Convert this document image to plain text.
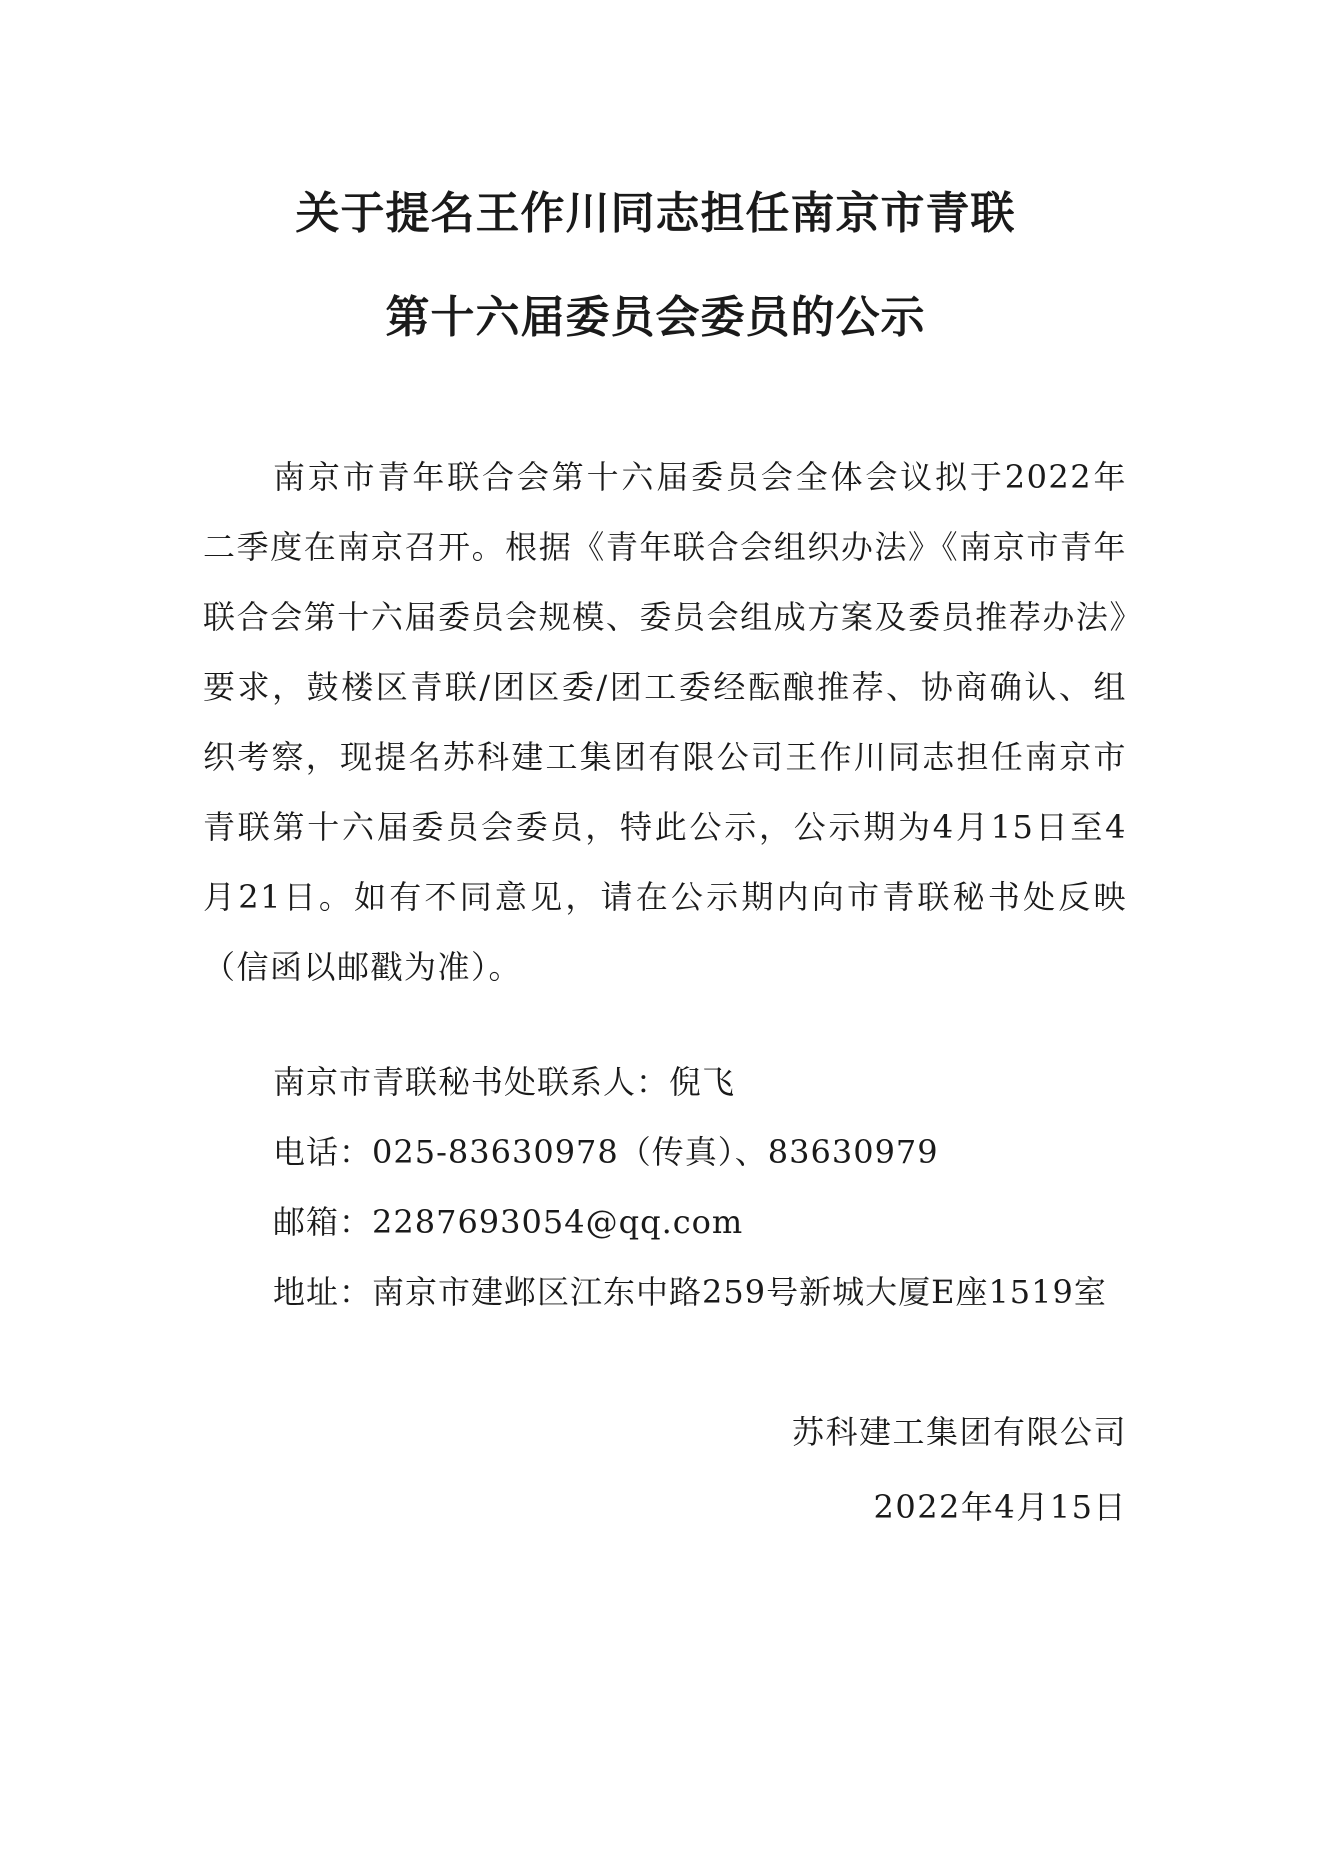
关于提名王作川同志担任南京市青联
第十六届委员会委员的公示

南京市青年联合会第十六届委员会全体会议拟于2022年二季度在南京召开。根据《青年联合会组织办法》《南京市青年联合会第十六届委员会规模、委员会组成方案及委员推荐办法》要求，鼓楼区青联/团区委/团工委经酝酿推荐、协商确认、组织考察，现提名苏科建工集团有限公司王作川同志担任南京市青联第十六届委员会委员，特此公示，公示期为4月15日至4月21日。如有不同意见，请在公示期内向市青联秘书处反映（信函以邮戳为准）。

南京市青联秘书处联系人：倪飞
电话：025-83630978（传真）、83630979
邮箱：2287693054@qq.com
地址：南京市建邺区江东中路259号新城大厦E座1519室
苏科建工集团有限公司
2022年4月15日
